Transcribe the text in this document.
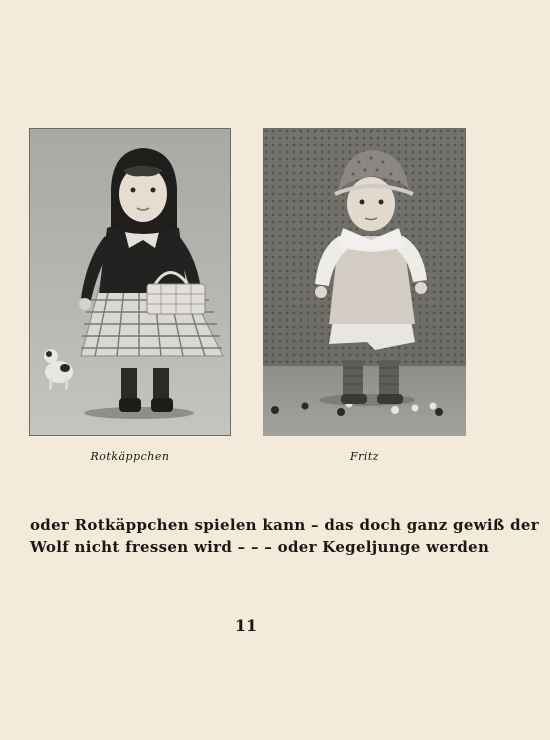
Rotkäppchen	Fritz
oder Rotkäppchen spielen kann – das doch ganz gewiß der
Wolf nicht fressen wird – – – oder Kegeljunge werden
11
